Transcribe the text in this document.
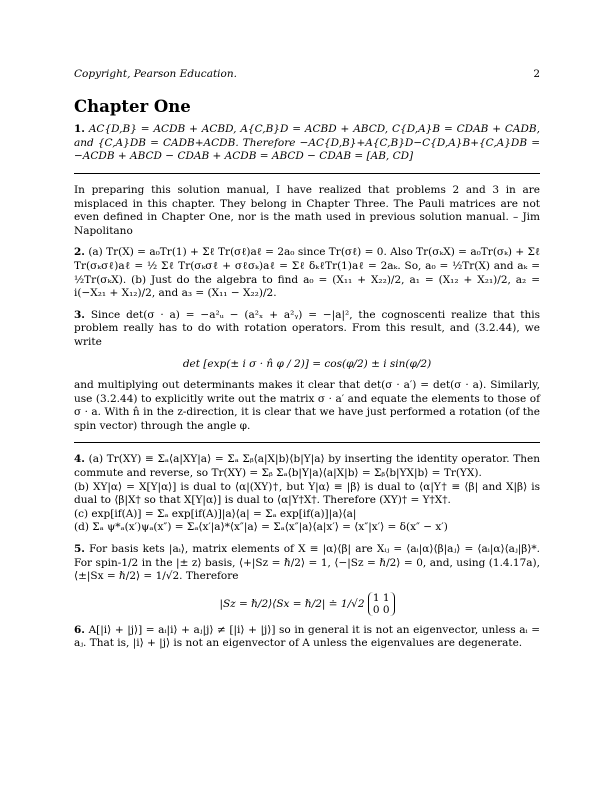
Copyright, Pearson Education.	2
Chapter One

1. AC{D,B} = ACDB + ACBD, A{C,B}D = ACBD + ABCD, C{D,A}B = CDAB + CADB, and {C,A}DB = CADB+ACDB. Therefore −AC{D,B}+A{C,B}D−C{D,A}B+{C,A}DB = −ACDB + ABCD − CDAB + ACDB = ABCD − CDAB = [AB, CD]

In preparing this solution manual, I have realized that problems 2 and 3 in are misplaced in this chapter. They belong in Chapter Three. The Pauli matrices are not even defined in Chapter One, nor is the math used in previous solution manual. – Jim Napolitano

2. (a) Tr(X) = a₀Tr(1) + Σℓ Tr(σℓ)aℓ = 2a₀ since Tr(σℓ) = 0. Also Tr(σₖX) = a₀Tr(σₖ) + Σℓ Tr(σₖσℓ)aℓ = ½ Σℓ Tr(σₖσℓ + σℓσₖ)aℓ = Σℓ δₖℓTr(1)aℓ = 2aₖ. So, a₀ = ½Tr(X) and aₖ = ½Tr(σₖX). (b) Just do the algebra to find a₀ = (X₁₁ + X₂₂)/2, a₁ = (X₁₂ + X₂₁)/2, a₂ = i(−X₂₁ + X₁₂)/2, and a₃ = (X₁₁ − X₂₂)/2.

3. Since det(σ · a) = −a²ᵤ − (a²ₓ + a²ᵧ) = −|a|², the cognoscenti realize that this problem really has to do with rotation operators. From this result, and (3.2.44), we write

det [exp(± i σ · n̂ φ / 2)] = cos(φ/2) ± i sin(φ/2)

and multiplying out determinants makes it clear that det(σ · a′) = det(σ · a). Similarly, use (3.2.44) to explicitly write out the matrix σ · a′ and equate the elements to those of σ · a. With n̂ in the z-direction, it is clear that we have just performed a rotation (of the spin vector) through the angle φ.

4. (a) Tr(XY) ≡ Σₐ⟨a|XY|a⟩ = Σₐ Σᵦ⟨a|X|b⟩⟨b|Y|a⟩ by inserting the identity operator. Then commute and reverse, so Tr(XY) = Σᵦ Σₐ⟨b|Y|a⟩⟨a|X|b⟩ = Σᵦ⟨b|YX|b⟩ = Tr(YX).

(b) XY|α⟩ = X[Y|α⟩] is dual to ⟨α|(XY)†, but Y|α⟩ ≡ |β⟩ is dual to ⟨α|Y† ≡ ⟨β| and X|β⟩ is dual to ⟨β|X† so that X[Y|α⟩] is dual to ⟨α|Y†X†. Therefore (XY)† = Y†X†.

(c) exp[if(A)] = Σₐ exp[if(A)]|a⟩⟨a| = Σₐ exp[if(a)]|a⟩⟨a|

(d) Σₐ ψ*ₐ(x′)ψₐ(x″) = Σₐ⟨x′|a⟩*⟨x″|a⟩ = Σₐ⟨x″|a⟩⟨a|x′⟩ = ⟨x″|x′⟩ = δ(x″ − x′)

5. For basis kets |aᵢ⟩, matrix elements of X ≡ |α⟩⟨β| are Xᵢⱼ = ⟨aᵢ|α⟩⟨β|aⱼ⟩ = ⟨aᵢ|α⟩⟨aⱼ|β⟩*. For spin-1/2 in the |± z⟩ basis, ⟨+|Sz = ℏ/2⟩ = 1, ⟨−|Sz = ℏ/2⟩ = 0, and, using (1.4.17a), ⟨±|Sx = ℏ/2⟩ = 1/√2. Therefore

|Sz = ℏ/2⟩⟨Sx = ℏ/2| ≐ 1/√2 1 1
0 0

6. A[|i⟩ + |j⟩] = aᵢ|i⟩ + aⱼ|j⟩ ≠ [|i⟩ + |j⟩] so in general it is not an eigenvector, unless aᵢ = aⱼ. That is, |i⟩ + |j⟩ is not an eigenvector of A unless the eigenvalues are degenerate.
